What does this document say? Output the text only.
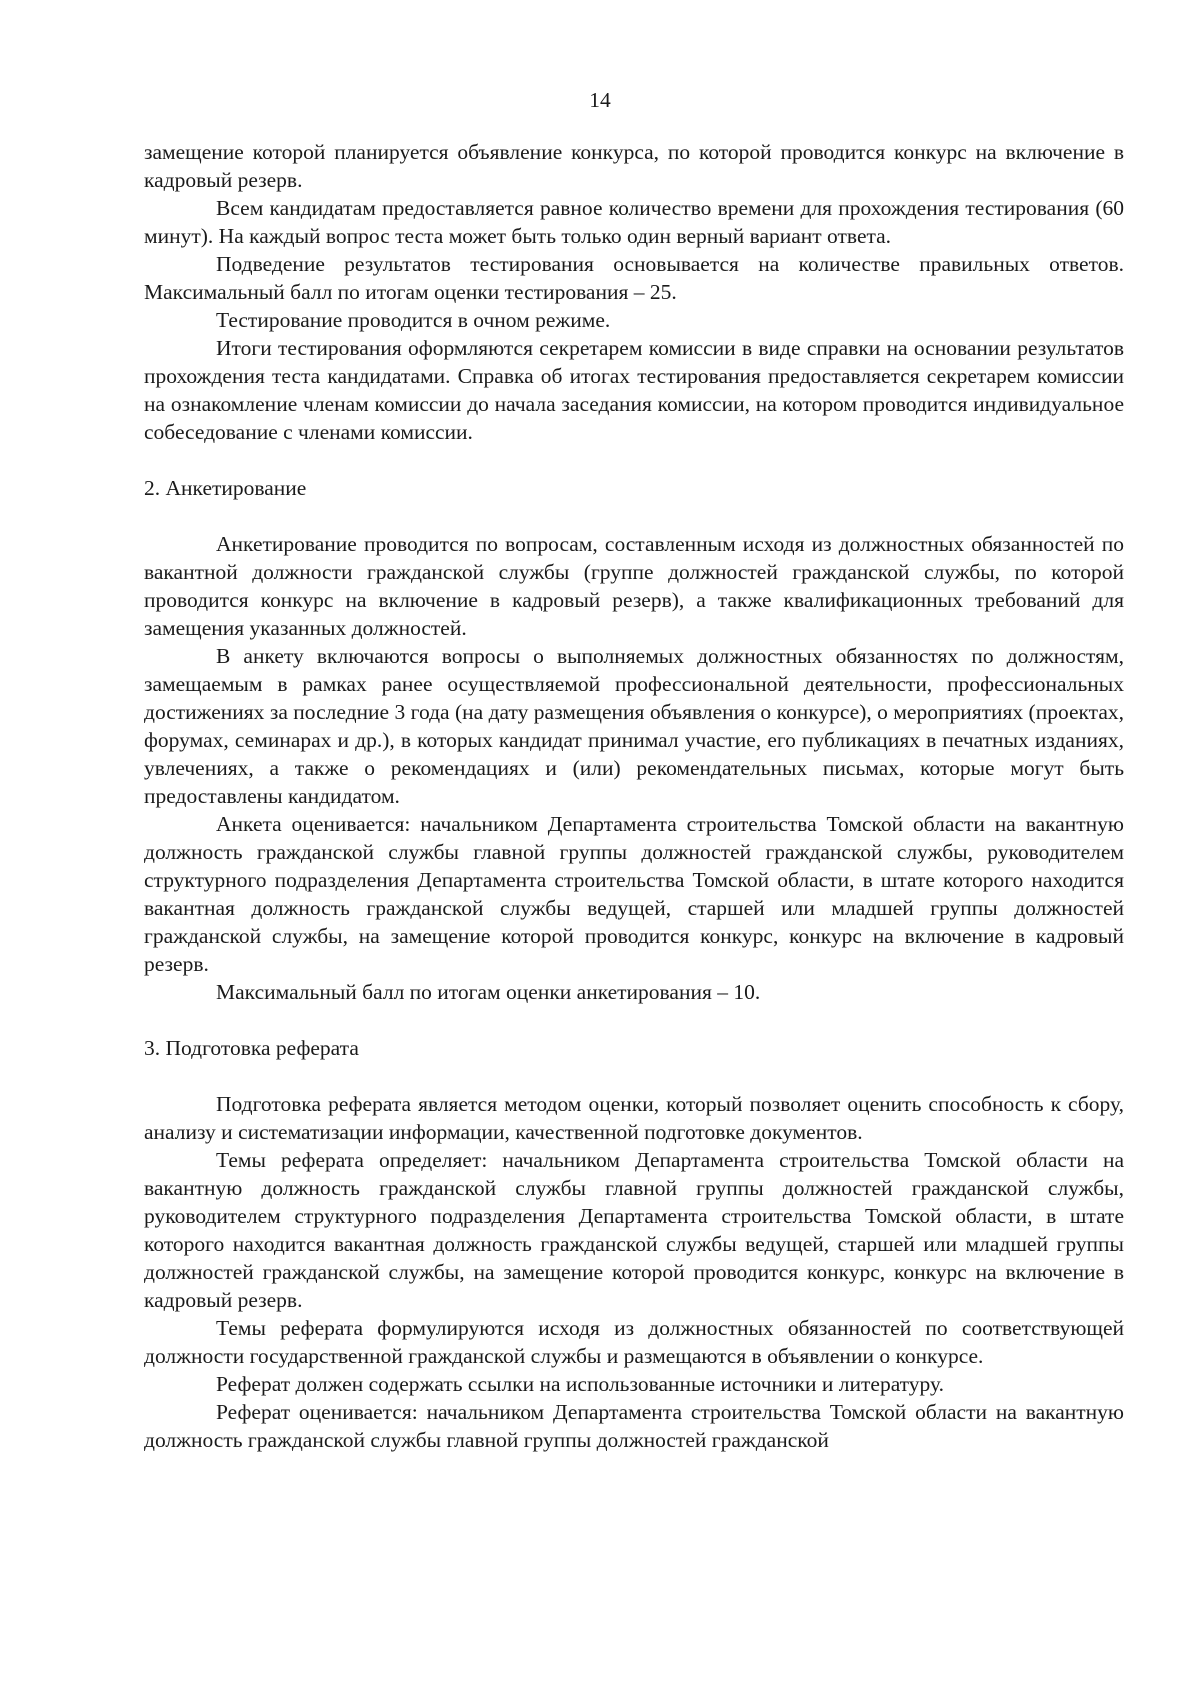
14

замещение которой планируется объявление конкурса, по которой проводится конкурс на включение в кадровый резерв.

Всем кандидатам предоставляется равное количество времени для прохождения тестирования (60 минут). На каждый вопрос теста может быть только один верный вариант ответа.

Подведение результатов тестирования основывается на количестве правильных ответов. Максимальный балл по итогам оценки тестирования – 25.

Тестирование проводится в очном режиме.

Итоги тестирования оформляются секретарем комиссии в виде справки на основании результатов прохождения теста кандидатами. Справка об итогах тестирования предоставляется секретарем комиссии на ознакомление членам комиссии до начала заседания комиссии, на котором проводится индивидуальное собеседование с членами комиссии.

2. Анкетирование

Анкетирование проводится по вопросам, составленным исходя из должностных обязанностей по вакантной должности гражданской службы (группе должностей гражданской службы, по которой проводится конкурс на включение в кадровый резерв), а также квалификационных требований для замещения указанных должностей.

В анкету включаются вопросы о выполняемых должностных обязанностях по должностям, замещаемым в рамках ранее осуществляемой профессиональной деятельности, профессиональных достижениях за последние 3 года (на дату размещения объявления о конкурсе), о мероприятиях (проектах, форумах, семинарах и др.), в которых кандидат принимал участие, его публикациях в печатных изданиях, увлечениях, а также о рекомендациях и (или) рекомендательных письмах, которые могут быть предоставлены кандидатом.

Анкета оценивается: начальником Департамента строительства Томской области на вакантную должность гражданской службы главной группы должностей гражданской службы, руководителем структурного подразделения Департамента строительства Томской области, в штате которого находится вакантная должность гражданской службы ведущей, старшей или младшей группы должностей гражданской службы, на замещение которой проводится конкурс, конкурс на включение в кадровый резерв.

Максимальный балл по итогам оценки анкетирования – 10.

3. Подготовка реферата

Подготовка реферата является методом оценки, который позволяет оценить способность к сбору, анализу и систематизации информации, качественной подготовке документов.

Темы реферата определяет: начальником Департамента строительства Томской области на вакантную должность гражданской службы главной группы должностей гражданской службы, руководителем структурного подразделения Департамента строительства Томской области, в штате которого находится вакантная должность гражданской службы ведущей, старшей или младшей группы должностей гражданской службы, на замещение которой проводится конкурс, конкурс на включение в кадровый резерв.

Темы реферата формулируются исходя из должностных обязанностей по соответствующей должности государственной гражданской службы и размещаются в объявлении о конкурсе.

Реферат должен содержать ссылки на использованные источники и литературу.

Реферат оценивается: начальником Департамента строительства Томской области на вакантную должность гражданской службы главной группы должностей гражданской
